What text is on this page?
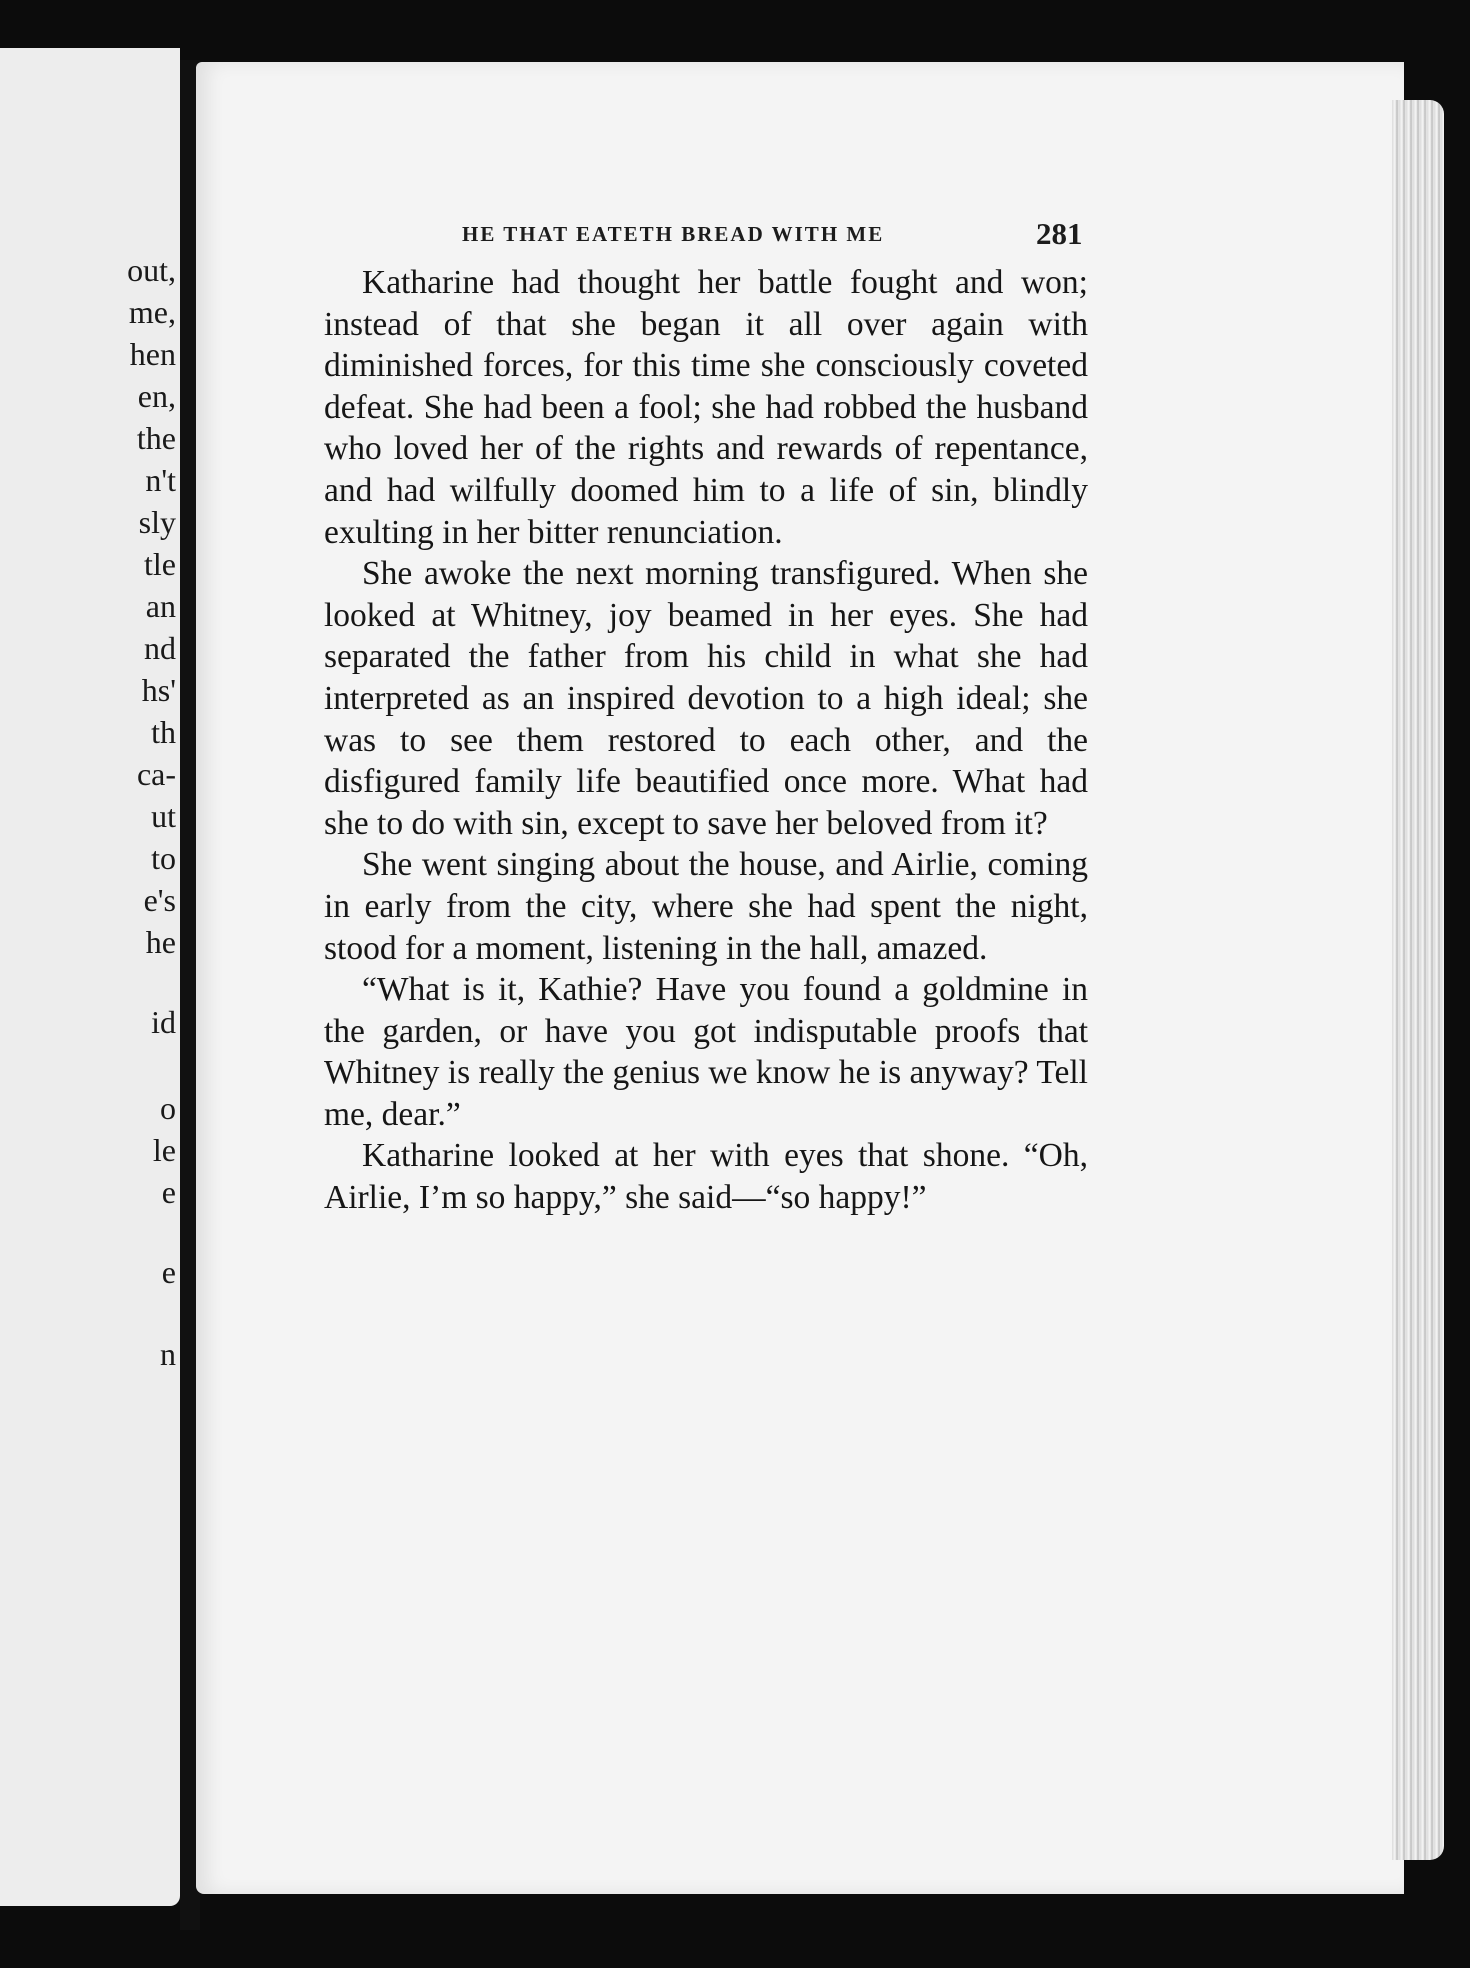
out,

me,

hen

en,

the

n't

sly

tle

an

nd

hs'

th

ca-

ut

to

e's

he

id

o

le

e

e

n

HE THAT EATETH BREAD WITH ME	281

Katharine had thought her battle fought and won; instead of that she began it all over again with diminished forces, for this time she consciously coveted defeat. She had been a fool; she had robbed the husband who loved her of the rights and rewards of repentance, and had wilfully doomed him to a life of sin, blindly exulting in her bitter renunciation.

She awoke the next morning transfigured. When she looked at Whitney, joy beamed in her eyes. She had separated the father from his child in what she had interpreted as an inspired devotion to a high ideal; she was to see them restored to each other, and the disfigured family life beautified once more. What had she to do with sin, except to save her beloved from it?

She went singing about the house, and Airlie, coming in early from the city, where she had spent the night, stood for a moment, listening in the hall, amazed.

“What is it, Kathie? Have you found a goldmine in the garden, or have you got indisputable proofs that Whitney is really the genius we know he is anyway? Tell me, dear.”

Katharine looked at her with eyes that shone. “Oh, Airlie, I’m so happy,” she said—“so happy!”
